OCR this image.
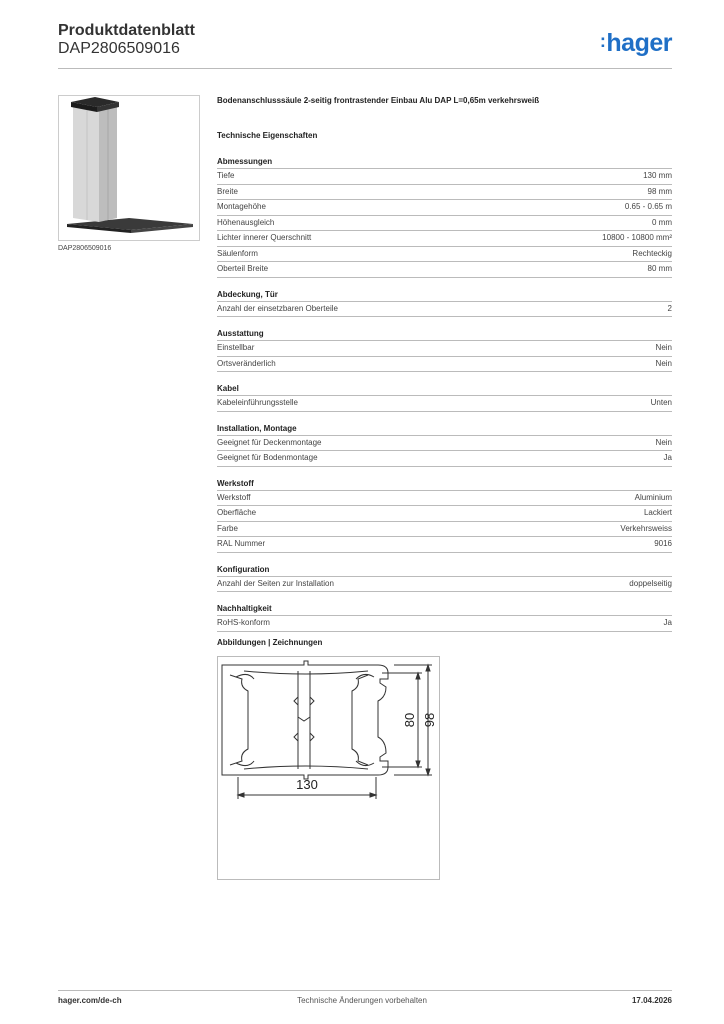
Produktdatenblatt
DAP2806509016	:hager
DAP2806509016
Bodenanschlusssäule 2-seitig frontrastender Einbau Alu DAP L=0,65m verkehrsweiß
Technische Eigenschaften
Abmessungen
Tiefe	130 mm
Breite	98 mm
Montagehöhe	0.65 - 0.65 m
Höhenausgleich	0 mm
Lichter innerer Querschnitt	10800 - 10800 mm²
Säulenform	Rechteckig
Oberteil Breite	80 mm
Abdeckung, Tür
Anzahl der einsetzbaren Oberteile	2
Ausstattung
Einstellbar	Nein
Ortsveränderlich	Nein
Kabel
Kabeleinführungsstelle	Unten
Installation, Montage
Geeignet für Deckenmontage	Nein
Geeignet für Bodenmontage	Ja
Werkstoff
Werkstoff	Aluminium
Oberfläche	Lackiert
Farbe	Verkehrsweiss
RAL Nummer	9016
Konfiguration
Anzahl der Seiten zur Installation	doppelseitig
Nachhaltigkeit
RoHS-konform	Ja
Abbildungen | Zeichnungen
130
80 98
hager.com/de-ch	Technische Änderungen vorbehalten	17.04.2026
